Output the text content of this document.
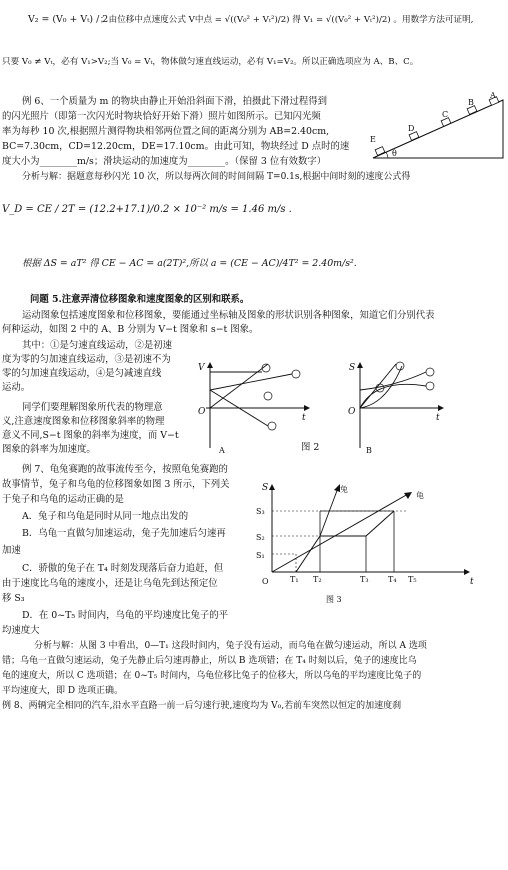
V₂ = (V₀ + Vₜ) / 2
；由位移中点速度公式 V中点 = √((V₀² + Vₜ²)/2) 得 V₁ = √((V₀² + Vₜ²)/2) 。用数学方法可证明,
只要 V₀ ≠ Vₜ，必有 V₁>V₂;当 V₀ = Vₜ，物体做匀速直线运动，必有 V₁=V₂。所以正确选项应为 A、B、C。
例 6、一个质量为 m 的物块由静止开始沿斜面下滑，拍摄此下滑过程得到
的闪光照片（即第一次闪光时物块恰好开始下滑）照片如图所示。已知闪光频
率为每秒 10 次,根据照片测得物块相邻两位置之间的距离分别为 AB=2.40cm,
BC=7.30cm，CD=12.20cm，DE=17.10cm。由此可知，物块经过 D 点时的速
度大小为________m/s；滑块运动的加速度为________。（保留 3 位有效数字）
分析与解：据题意每秒闪光 10 次，所以每两次间的时间间隔 T=0.1s,根据中间时刻的速度公式得
V_D = CE / 2T = (12.2+17.1)/0.2 × 10⁻² m/s = 1.46 m/s .
根据 ΔS = aT² 得 CE − AC = a(2T)²,所以 a = (CE − AC)/4T² = 2.40m/s².
问题 5.注意弄清位移图象和速度图象的区别和联系。
运动图象包括速度图象和位移图象，要能通过坐标轴及图象的形状识别各种图象，知道它们分别代表
何种运动，如图 2 中的 A、B 分别为 V−t 图象和 s−t 图象。
其中：①是匀速直线运动，②是初速
度为零的匀加速直线运动，③是初速不为
零的匀加速直线运动，④是匀减速直线
运动。
同学们要理解图象所代表的物理意
义,注意速度图象和位移图象斜率的物理
意义不同,S−t 图象的斜率为速度，而 V−t
图象的斜率为加速度。
例 7、龟兔赛跑的故事流传至今，按照龟兔赛跑的
故事情节，兔子和乌龟的位移图象如图 3 所示，下列关
于兔子和乌龟的运动正确的是
A．兔子和乌龟是同时从同一地点出发的
B．乌龟一直做匀加速运动，兔子先加速后匀速再
加速
C．骄傲的兔子在 T₄ 时刻发现落后奋力追赶，但
由于速度比乌龟的速度小，还是让乌龟先到达预定位
移 S₃
D．在 0~T₅ 时间内，乌龟的平均速度比兔子的平
均速度大
分析与解：从图 3 中看出，0—T₁ 这段时间内，兔子没有运动，而乌龟在做匀速运动，所以 A 选项
错；乌龟一直做匀速运动，兔子先静止后匀速再静止，所以 B 选项错；在 T₄ 时刻以后，兔子的速度比乌
龟的速度大，所以 C 选项错；在 0~T₅ 时间内，乌龟位移比兔子的位移大，所以乌龟的平均速度比兔子的
平均速度大，即 D 选项正确。
例 8、两辆完全相同的汽车,沿水平直路一前一后匀速行驶,速度均为 V₀,若前车突然以恒定的加速度刹
A
B
C
D
E
θ
V
t
O
A
S
t
O
B
图 2
S
t
O
S₃
S₂
S₁
兔
龟
T₁ T₂	T₃ T₄ T₅
图 3
